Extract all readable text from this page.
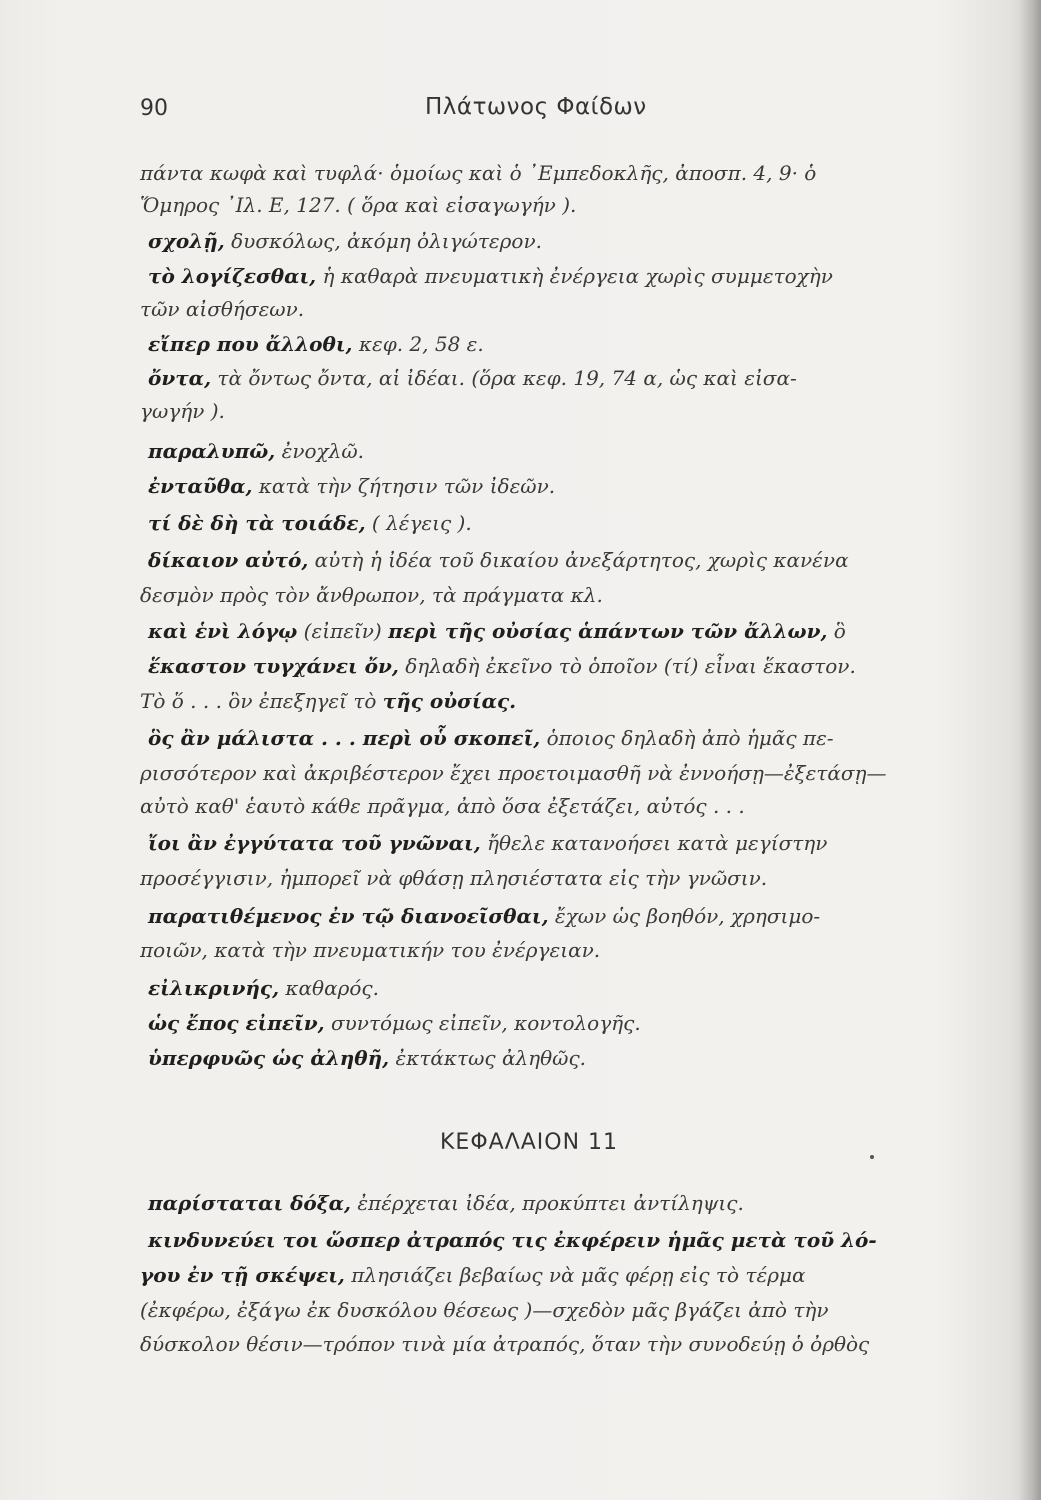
90	Πλάτωνος Φαίδων
πάντα κωφὰ καὶ τυφλά· ὁμοίως καὶ ὁ ᾿Εμπεδοκλῆς, ἀποσπ. 4, 9· ὁ
Ὅμηρος ᾿Ιλ. Ε, 127. ( ὅρα καὶ εἰσαγωγήν ).
σχολῇ, δυσκόλως, ἀκόμη ὀλιγώτερον.
τὸ λογίζεσθαι, ἡ καθαρὰ πνευματικὴ ἐνέργεια χωρὶς συμμετοχὴν
τῶν αἰσθήσεων.
εἴπερ που ἄλλοθι, κεφ. 2, 58 ε.
ὄντα, τὰ ὄντως ὄντα, αἱ ἰδέαι. (ὅρα κεφ. 19, 74 α, ὡς καὶ εἰσα-
γωγήν ).
παραλυπῶ, ἐνοχλῶ.
ἐνταῦθα, κατὰ τὴν ζήτησιν τῶν ἰδεῶν.
τί δὲ δὴ τὰ τοιάδε, ( λέγεις ).
δίκαιον αὐτό, αὐτὴ ἡ ἰδέα τοῦ δικαίου ἀνεξάρτητος, χωρὶς κανένα
δεσμὸν πρὸς τὸν ἄνθρωπον, τὰ πράγματα κλ.
καὶ ἑνὶ λόγῳ (εἰπεῖν) περὶ τῆς οὐσίας ἁπάντων τῶν ἄλλων, ὃ
ἕκαστον τυγχάνει ὄν, δηλαδὴ ἐκεῖνο τὸ ὁποῖον (τί) εἶναι ἕκαστον.
Τὸ ὅ . . . ὃν ἐπεξηγεῖ τὸ τῆς οὐσίας.
ὃς ἂν μάλιστα . . . περὶ οὗ σκοπεῖ, ὁποιος δηλαδὴ ἀπὸ ἡμᾶς πε-
ρισσότερον καὶ ἀκριβέστερον ἔχει προετοιμασθῆ νὰ ἐννοήσῃ—ἐξετάσῃ—
αὐτὸ καθ' ἑαυτὸ κάθε πρᾶγμα, ἀπὸ ὅσα ἐξετάζει, αὐτός . . .
ἴοι ἂν ἐγγύτατα τοῦ γνῶναι, ἤθελε κατανοήσει κατὰ μεγίστην
προσέγγισιν, ἠμπορεῖ νὰ φθάσῃ πλησιέστατα εἰς τὴν γνῶσιν.
παρατιθέμενος ἐν τῷ διανοεῖσθαι, ἔχων ὡς βοηθόν, χρησιμο-
ποιῶν, κατὰ τὴν πνευματικήν του ἐνέργειαν.
εἰλικρινής, καθαρός.
ὡς ἔπος εἰπεῖν, συντόμως εἰπεῖν, κοντολογῆς.
ὑπερφυῶς ὡς ἀληθῆ, ἐκτάκτως ἀληθῶς.
ΚΕΦΑΛΑΙΟΝ 11
παρίσταται δόξα, ἐπέρχεται ἰδέα, προκύπτει ἀντίληψις.
κινδυνεύει τοι ὥσπερ ἀτραπός τις ἐκφέρειν ἡμᾶς μετὰ τοῦ λό-
γου ἐν τῇ σκέψει, πλησιάζει βεβαίως νὰ μᾶς φέρῃ εἰς τὸ τέρμα
(ἐκφέρω, ἐξάγω ἐκ δυσκόλου θέσεως )—σχεδὸν μᾶς βγάζει ἀπὸ τὴν
δύσκολον θέσιν—τρόπον τινὰ μία ἀτραπός, ὅταν τὴν συνοδεύῃ ὁ ὀρθὸς
